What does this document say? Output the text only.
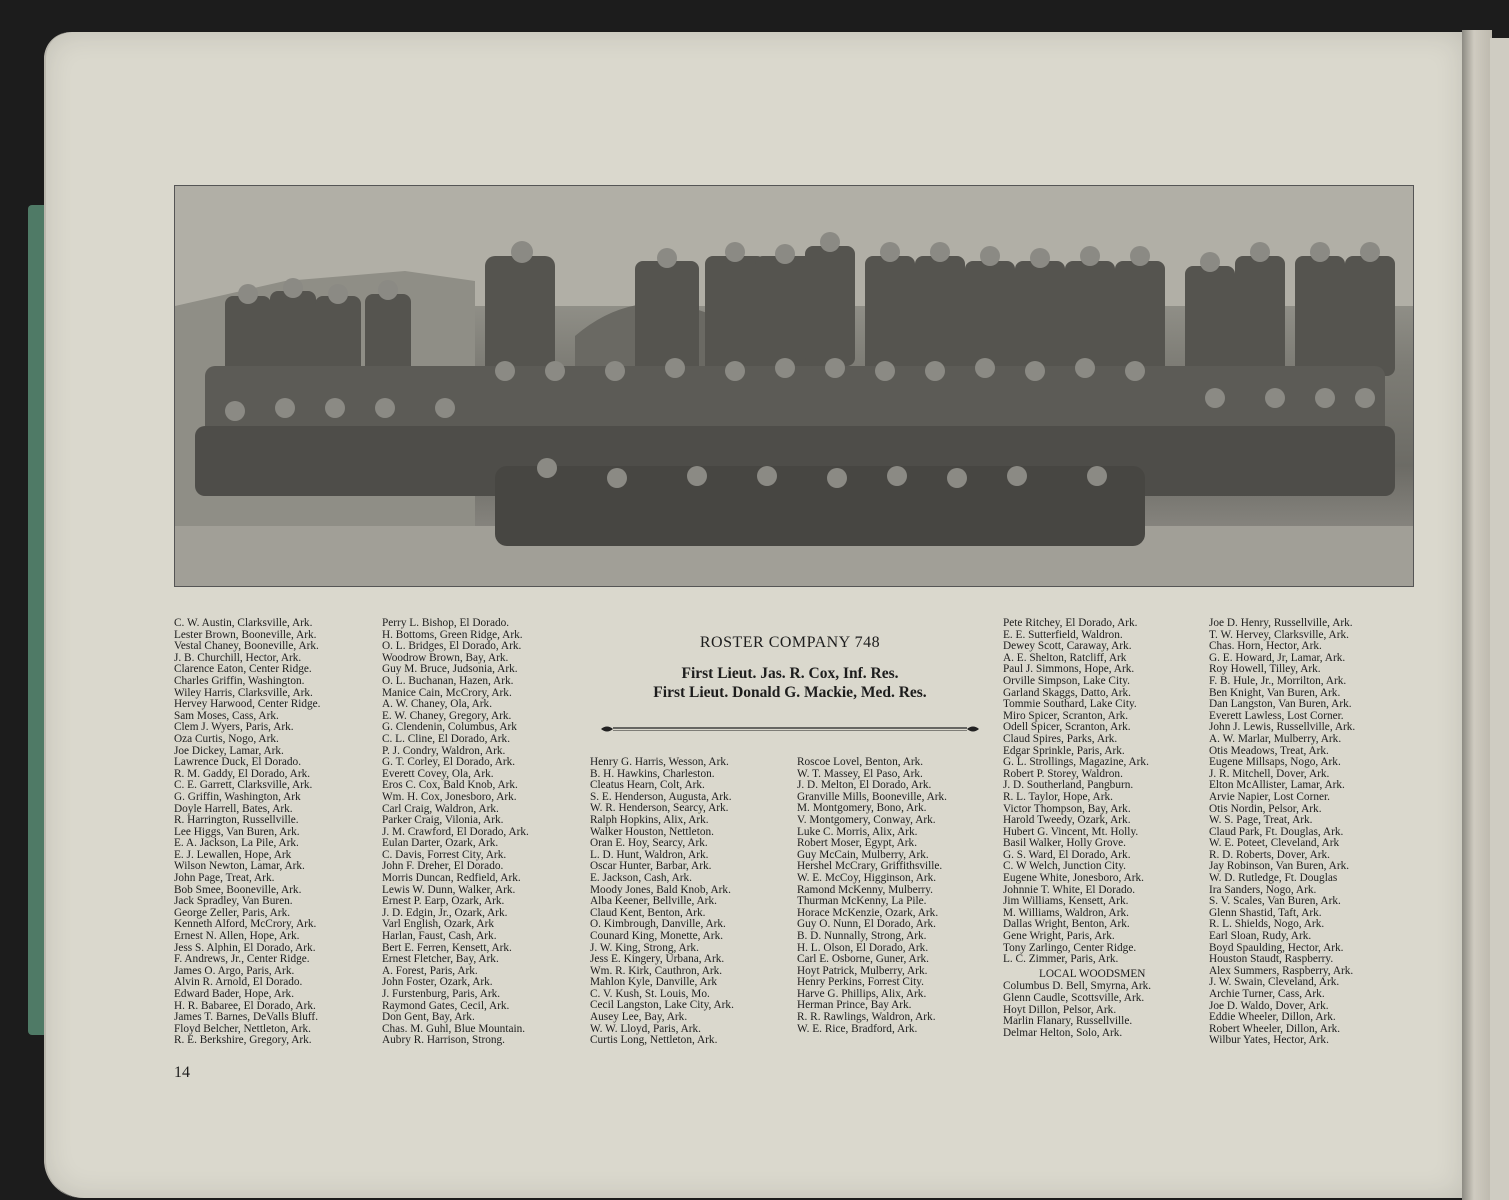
C. W. Austin, Clarksville, Ark.
Lester Brown, Booneville, Ark.
Vestal Chaney, Booneville, Ark.
J. B. Churchill, Hector, Ark.
Clarence Eaton, Center Ridge.
Charles Griffin, Washington.
Wiley Harris, Clarksville, Ark.
Hervey Harwood, Center Ridge.
Sam Moses, Cass, Ark.
Clem J. Wyers, Paris, Ark.
Oza Curtis, Nogo, Ark.
Joe Dickey, Lamar, Ark.
Lawrence Duck, El Dorado.
R. M. Gaddy, El Dorado, Ark.
C. E. Garrett, Clarksville, Ark.
G. Griffin, Washington, Ark
Doyle Harrell, Bates, Ark.
R. Harrington, Russellville.
Lee Higgs, Van Buren, Ark.
E. A. Jackson, La Pile, Ark.
E. J. Lewallen, Hope, Ark
Wilson Newton, Lamar, Ark.
John Page, Treat, Ark.
Bob Smee, Booneville, Ark.
Jack Spradley, Van Buren.
George Zeller, Paris, Ark.
Kenneth Alford, McCrory, Ark.
Ernest N. Allen, Hope, Ark.
Jess S. Alphin, El Dorado, Ark.
F. Andrews, Jr., Center Ridge.
James O. Argo, Paris, Ark.
Alvin R. Arnold, El Dorado.
Edward Bader, Hope, Ark.
H. R. Babaree, El Dorado, Ark.
James T. Barnes, DeValls Bluff.
Floyd Belcher, Nettleton, Ark.
R. E. Berkshire, Gregory, Ark.
Perry L. Bishop, El Dorado.
H. Bottoms, Green Ridge, Ark.
O. L. Bridges, El Dorado, Ark.
Woodrow Brown, Bay, Ark.
Guy M. Bruce, Judsonia, Ark.
O. L. Buchanan, Hazen, Ark.
Manice Cain, McCrory, Ark.
A. W. Chaney, Ola, Ark.
E. W. Chaney, Gregory, Ark.
G. Clendenin, Columbus, Ark
C. L. Cline, El Dorado, Ark.
P. J. Condry, Waldron, Ark.
G. T. Corley, El Dorado, Ark.
Everett Covey, Ola, Ark.
Eros C. Cox, Bald Knob, Ark.
Wm. H. Cox, Jonesboro, Ark.
Carl Craig, Waldron, Ark.
Parker Craig, Vilonia, Ark.
J. M. Crawford, El Dorado, Ark.
Eulan Darter, Ozark, Ark.
C. Davis, Forrest City, Ark.
John F. Dreher, El Dorado.
Morris Duncan, Redfield, Ark.
Lewis W. Dunn, Walker, Ark.
Ernest P. Earp, Ozark, Ark.
J. D. Edgin, Jr., Ozark, Ark.
Varl English, Ozark, Ark
Harlan, Faust, Cash, Ark.
Bert E. Ferren, Kensett, Ark.
Ernest Fletcher, Bay, Ark.
A. Forest, Paris, Ark.
John Foster, Ozark, Ark.
J. Furstenburg, Paris, Ark.
Raymond Gates, Cecil, Ark.
Don Gent, Bay, Ark.
Chas. M. Guhl, Blue Mountain.
Aubry R. Harrison, Strong.
ROSTER COMPANY 748
First Lieut. Jas. R. Cox, Inf. Res.
First Lieut. Donald G. Mackie, Med. Res.
Henry G. Harris, Wesson, Ark.
B. H. Hawkins, Charleston.
Cleatus Hearn, Colt, Ark.
S. E. Henderson, Augusta, Ark.
W. R. Henderson, Searcy, Ark.
Ralph Hopkins, Alix, Ark.
Walker Houston, Nettleton.
Oran E. Hoy, Searcy, Ark.
L. D. Hunt, Waldron, Ark.
Oscar Hunter, Barbar, Ark.
E. Jackson, Cash, Ark.
Moody Jones, Bald Knob, Ark.
Alba Keener, Bellville, Ark.
Claud Kent, Benton, Ark.
O. Kimbrough, Danville, Ark.
Counard King, Monette, Ark.
J. W. King, Strong, Ark.
Jess E. Kingery, Urbana, Ark.
Wm. R. Kirk, Cauthron, Ark.
Mahlon Kyle, Danville, Ark
C. V. Kush, St. Louis, Mo.
Cecil Langston, Lake City, Ark.
Ausey Lee, Bay, Ark.
W. W. Lloyd, Paris, Ark.
Curtis Long, Nettleton, Ark.
Roscoe Lovel, Benton, Ark.
W. T. Massey, El Paso, Ark.
J. D. Melton, El Dorado, Ark.
Granville Mills, Booneville, Ark.
M. Montgomery, Bono, Ark.
V. Montgomery, Conway, Ark.
Luke C. Morris, Alix, Ark.
Robert Moser, Egypt, Ark.
Guy McCain, Mulberry, Ark.
Hershel McCrary, Griffithsville.
W. E. McCoy, Higginson, Ark.
Ramond McKenny, Mulberry.
Thurman McKenny, La Pile.
Horace McKenzie, Ozark, Ark.
Guy O. Nunn, El Dorado, Ark.
B. D. Nunnally, Strong, Ark.
H. L. Olson, El Dorado, Ark.
Carl E. Osborne, Guner, Ark.
Hoyt Patrick, Mulberry, Ark.
Henry Perkins, Forrest City.
Harve G. Phillips, Alix, Ark.
Herman Prince, Bay Ark.
R. R. Rawlings, Waldron, Ark.
W. E. Rice, Bradford, Ark.
Pete Ritchey, El Dorado, Ark.
E. E. Sutterfield, Waldron.
Dewey Scott, Caraway, Ark.
A. E. Shelton, Ratcliff, Ark
Paul J. Simmons, Hope, Ark.
Orville Simpson, Lake City.
Garland Skaggs, Datto, Ark.
Tommie Southard, Lake City.
Miro Spicer, Scranton, Ark.
Odell Spicer, Scranton, Ark.
Claud Spires, Parks, Ark.
Edgar Sprinkle, Paris, Ark.
G. L. Strollings, Magazine, Ark.
Robert P. Storey, Waldron.
J. D. Southerland, Pangburn.
R. L. Taylor, Hope, Ark.
Victor Thompson, Bay, Ark.
Harold Tweedy, Ozark, Ark.
Hubert G. Vincent, Mt. Holly.
Basil Walker, Holly Grove.
G. S. Ward, El Dorado, Ark.
C. W Welch, Junction City.
Eugene White, Jonesboro, Ark.
Johnnie T. White, El Dorado.
Jim Williams, Kensett, Ark.
M. Williams, Waldron, Ark.
Dallas Wright, Benton, Ark.
Gene Wright, Paris, Ark.
Tony Zarlingo, Center Ridge.
L. C. Zimmer, Paris, Ark.
LOCAL WOODSMEN
Columbus D. Bell, Smyrna, Ark.
Glenn Caudle, Scottsville, Ark.
Hoyt Dillon, Pelsor, Ark.
Marlin Flanary, Russellville.
Delmar Helton, Solo, Ark.
Joe D. Henry, Russellville, Ark.
T. W. Hervey, Clarksville, Ark.
Chas. Horn, Hector, Ark.
G. E. Howard, Jr, Lamar, Ark.
Roy Howell, Tilley, Ark.
F. B. Hule, Jr., Morrilton, Ark.
Ben Knight, Van Buren, Ark.
Dan Langston, Van Buren, Ark.
Everett Lawless, Lost Corner.
John J. Lewis, Russellville, Ark.
A. W. Marlar, Mulberry, Ark.
Otis Meadows, Treat, Ark.
Eugene Millsaps, Nogo, Ark.
J. R. Mitchell, Dover, Ark.
Elton McAllister, Lamar, Ark.
Arvie Napier, Lost Corner.
Otis Nordin, Pelsor, Ark.
W. S. Page, Treat, Ark.
Claud Park, Ft. Douglas, Ark.
W. E. Poteet, Cleveland, Ark
R. D. Roberts, Dover, Ark.
Jay Robinson, Van Buren, Ark.
W. D. Rutledge, Ft. Douglas
Ira Sanders, Nogo, Ark.
S. V. Scales, Van Buren, Ark.
Glenn Shastid, Taft, Ark.
R. L. Shields, Nogo, Ark.
Earl Sloan, Rudy, Ark.
Boyd Spaulding, Hector, Ark.
Houston Staudt, Raspberry.
Alex Summers, Raspberry, Ark.
J. W. Swain, Cleveland, Ark.
Archie Turner, Cass, Ark.
Joe D. Waldo, Dover, Ark.
Eddie Wheeler, Dillon, Ark.
Robert Wheeler, Dillon, Ark.
Wilbur Yates, Hector, Ark.
14
